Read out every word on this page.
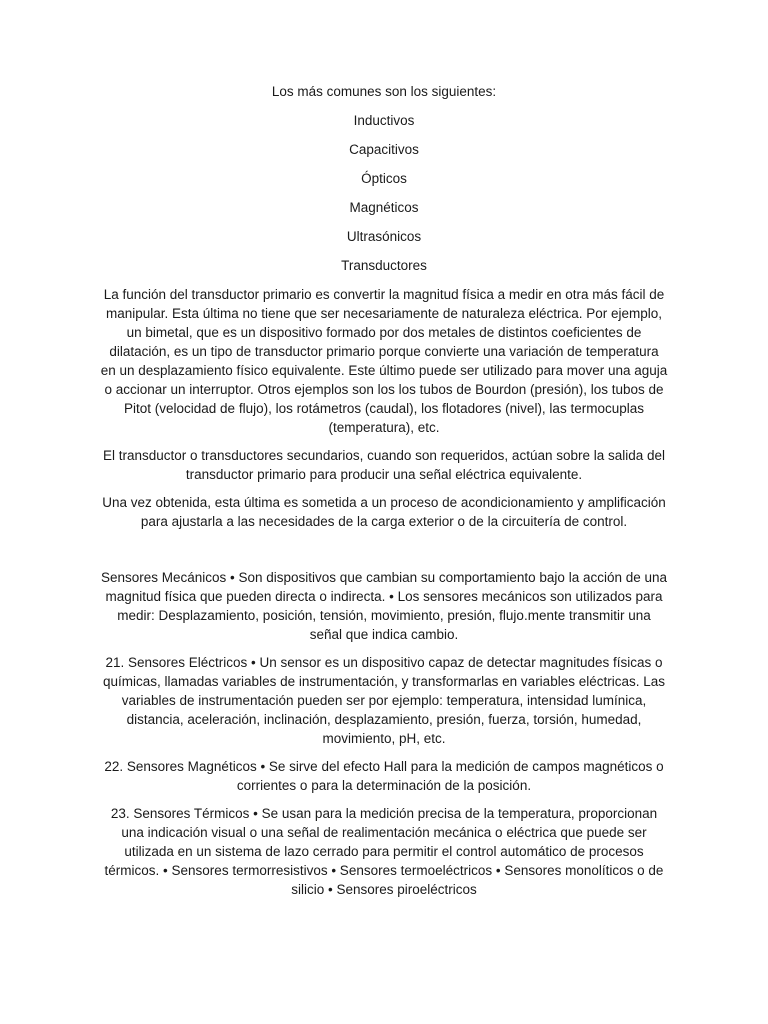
Los más comunes son los siguientes:

Inductivos

Capacitivos

Ópticos

Magnéticos

Ultrasónicos

Transductores

La función del transductor primario es convertir la magnitud física a medir en otra más fácil de manipular. Esta última no tiene que ser necesariamente de naturaleza eléctrica. Por ejemplo, un bimetal, que es un dispositivo formado por dos metales de distintos coeficientes de dilatación, es un tipo de transductor primario porque convierte una variación de temperatura en un desplazamiento físico equivalente. Este último puede ser utilizado para mover una aguja o accionar un interruptor. Otros ejemplos son los los tubos de Bourdon (presión), los tubos de Pitot (velocidad de flujo), los rotámetros (caudal), los flotadores (nivel), las termocuplas (temperatura), etc.

El transductor o transductores secundarios, cuando son requeridos, actúan sobre la salida del transductor primario para producir una señal eléctrica equivalente.

Una vez obtenida, esta última es sometida a un proceso de acondicionamiento y amplificación para ajustarla a las necesidades de la carga exterior o de la circuitería de control.

Sensores Mecánicos • Son dispositivos que cambian su comportamiento bajo la acción de una magnitud física que pueden directa o indirecta. • Los sensores mecánicos son utilizados para medir: Desplazamiento, posición, tensión, movimiento, presión, flujo.mente transmitir una señal que indica cambio.

21. Sensores Eléctricos • Un sensor es un dispositivo capaz de detectar magnitudes físicas o químicas, llamadas variables de instrumentación, y transformarlas en variables eléctricas. Las variables de instrumentación pueden ser por ejemplo: temperatura, intensidad lumínica, distancia, aceleración, inclinación, desplazamiento, presión, fuerza, torsión, humedad, movimiento, pH, etc.

22. Sensores Magnéticos • Se sirve del efecto Hall para la medición de campos magnéticos o corrientes o para la determinación de la posición.

23. Sensores Térmicos • Se usan para la medición precisa de la temperatura, proporcionan una indicación visual o una señal de realimentación mecánica o eléctrica que puede ser utilizada en un sistema de lazo cerrado para permitir el control automático de procesos térmicos. • Sensores termorresistivos • Sensores termoeléctricos • Sensores monolíticos o de silicio • Sensores piroeléctricos
